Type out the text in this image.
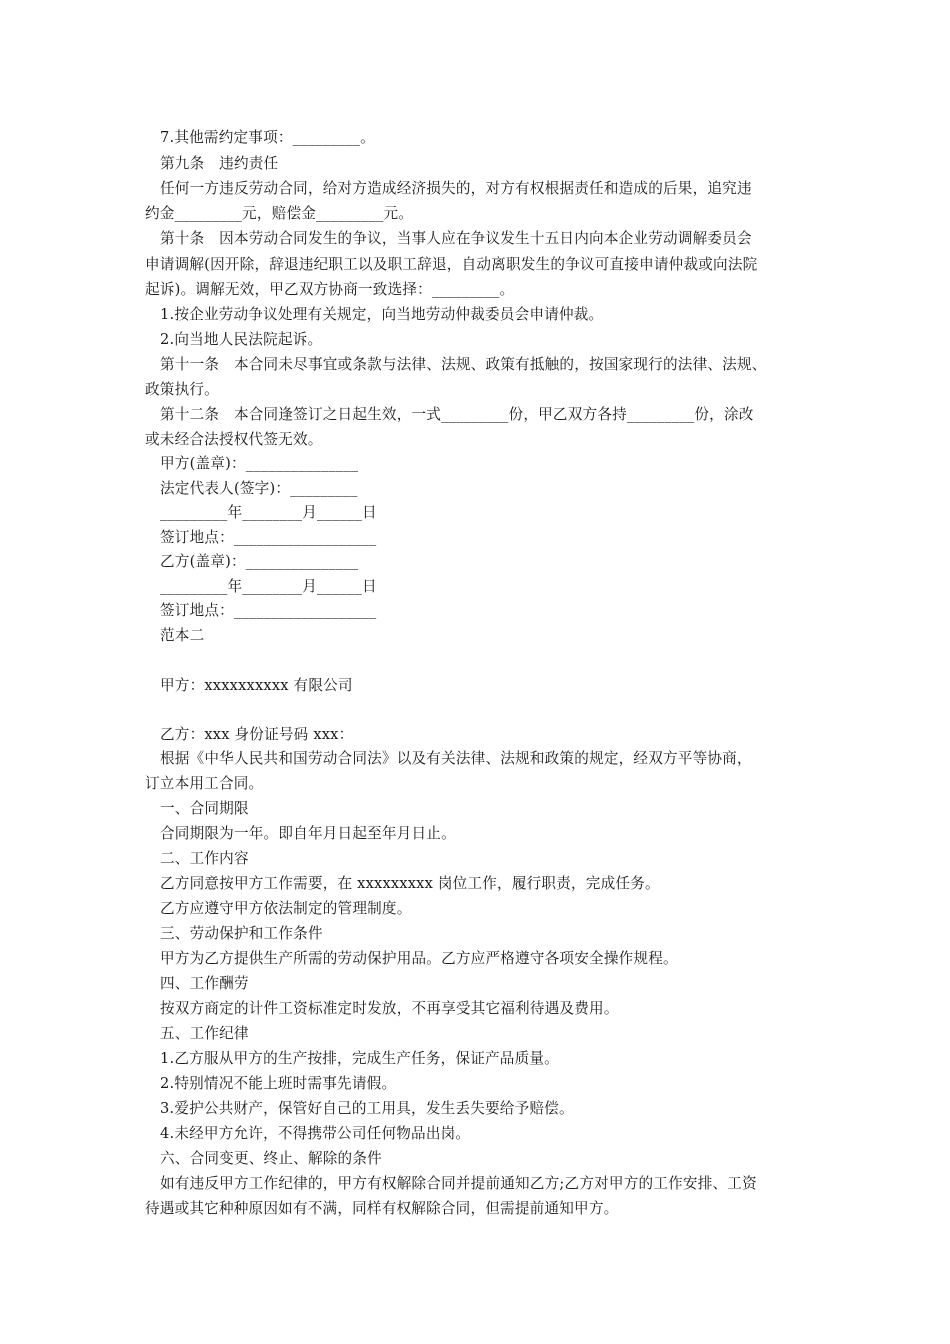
7.其他需约定事项：_________。

第九条　违约责任

任何一方违反劳动合同，给对方造成经济损失的，对方有权根据责任和造成的后果，追究违

约金_________元，赔偿金_________元。

第十条　因本劳动合同发生的争议，当事人应在争议发生十五日内向本企业劳动调解委员会

申请调解(因开除，辞退违纪职工以及职工辞退，自动离职发生的争议可直接申请仲裁或向法院

起诉)。调解无效，甲乙双方协商一致选择：_________。

1.按企业劳动争议处理有关规定，向当地劳动仲裁委员会申请仲裁。

2.向当地人民法院起诉。

第十一条　本合同未尽事宜或条款与法律、法规、政策有抵触的，按国家现行的法律、法规、

政策执行。

第十二条　本合同逢签订之日起生效，一式_________份，甲乙双方各持_________份，涂改

或未经合法授权代签无效。

甲方(盖章)：_______________

法定代表人(签字)：_________

_________年________月______日

签订地点：___________________

乙方(盖章)：_______________

_________年________月______日

签订地点：___________________

范本二

甲方：xxxxxxxxxx 有限公司

乙方：xxx 身份证号码 xxx：

根据《中华人民共和国劳动合同法》以及有关法律、法规和政策的规定，经双方平等协商，

订立本用工合同。

一、合同期限

合同期限为一年。即自年月日起至年月日止。

二、工作内容

乙方同意按甲方工作需要，在 xxxxxxxxx 岗位工作，履行职责，完成任务。

乙方应遵守甲方依法制定的管理制度。

三、劳动保护和工作条件

甲方为乙方提供生产所需的劳动保护用品。乙方应严格遵守各项安全操作规程。

四、工作酬劳

按双方商定的计件工资标准定时发放，不再享受其它福利待遇及费用。

五、工作纪律

1.乙方服从甲方的生产按排，完成生产任务，保证产品质量。

2.特别情况不能上班时需事先请假。

3.爱护公共财产，保管好自己的工用具，发生丢失要给予赔偿。

4.未经甲方允许，不得携带公司任何物品出岗。

六、合同变更、终止、解除的条件

如有违反甲方工作纪律的，甲方有权解除合同并提前通知乙方;乙方对甲方的工作安排、工资

待遇或其它种种原因如有不满，同样有权解除合同，但需提前通知甲方。
